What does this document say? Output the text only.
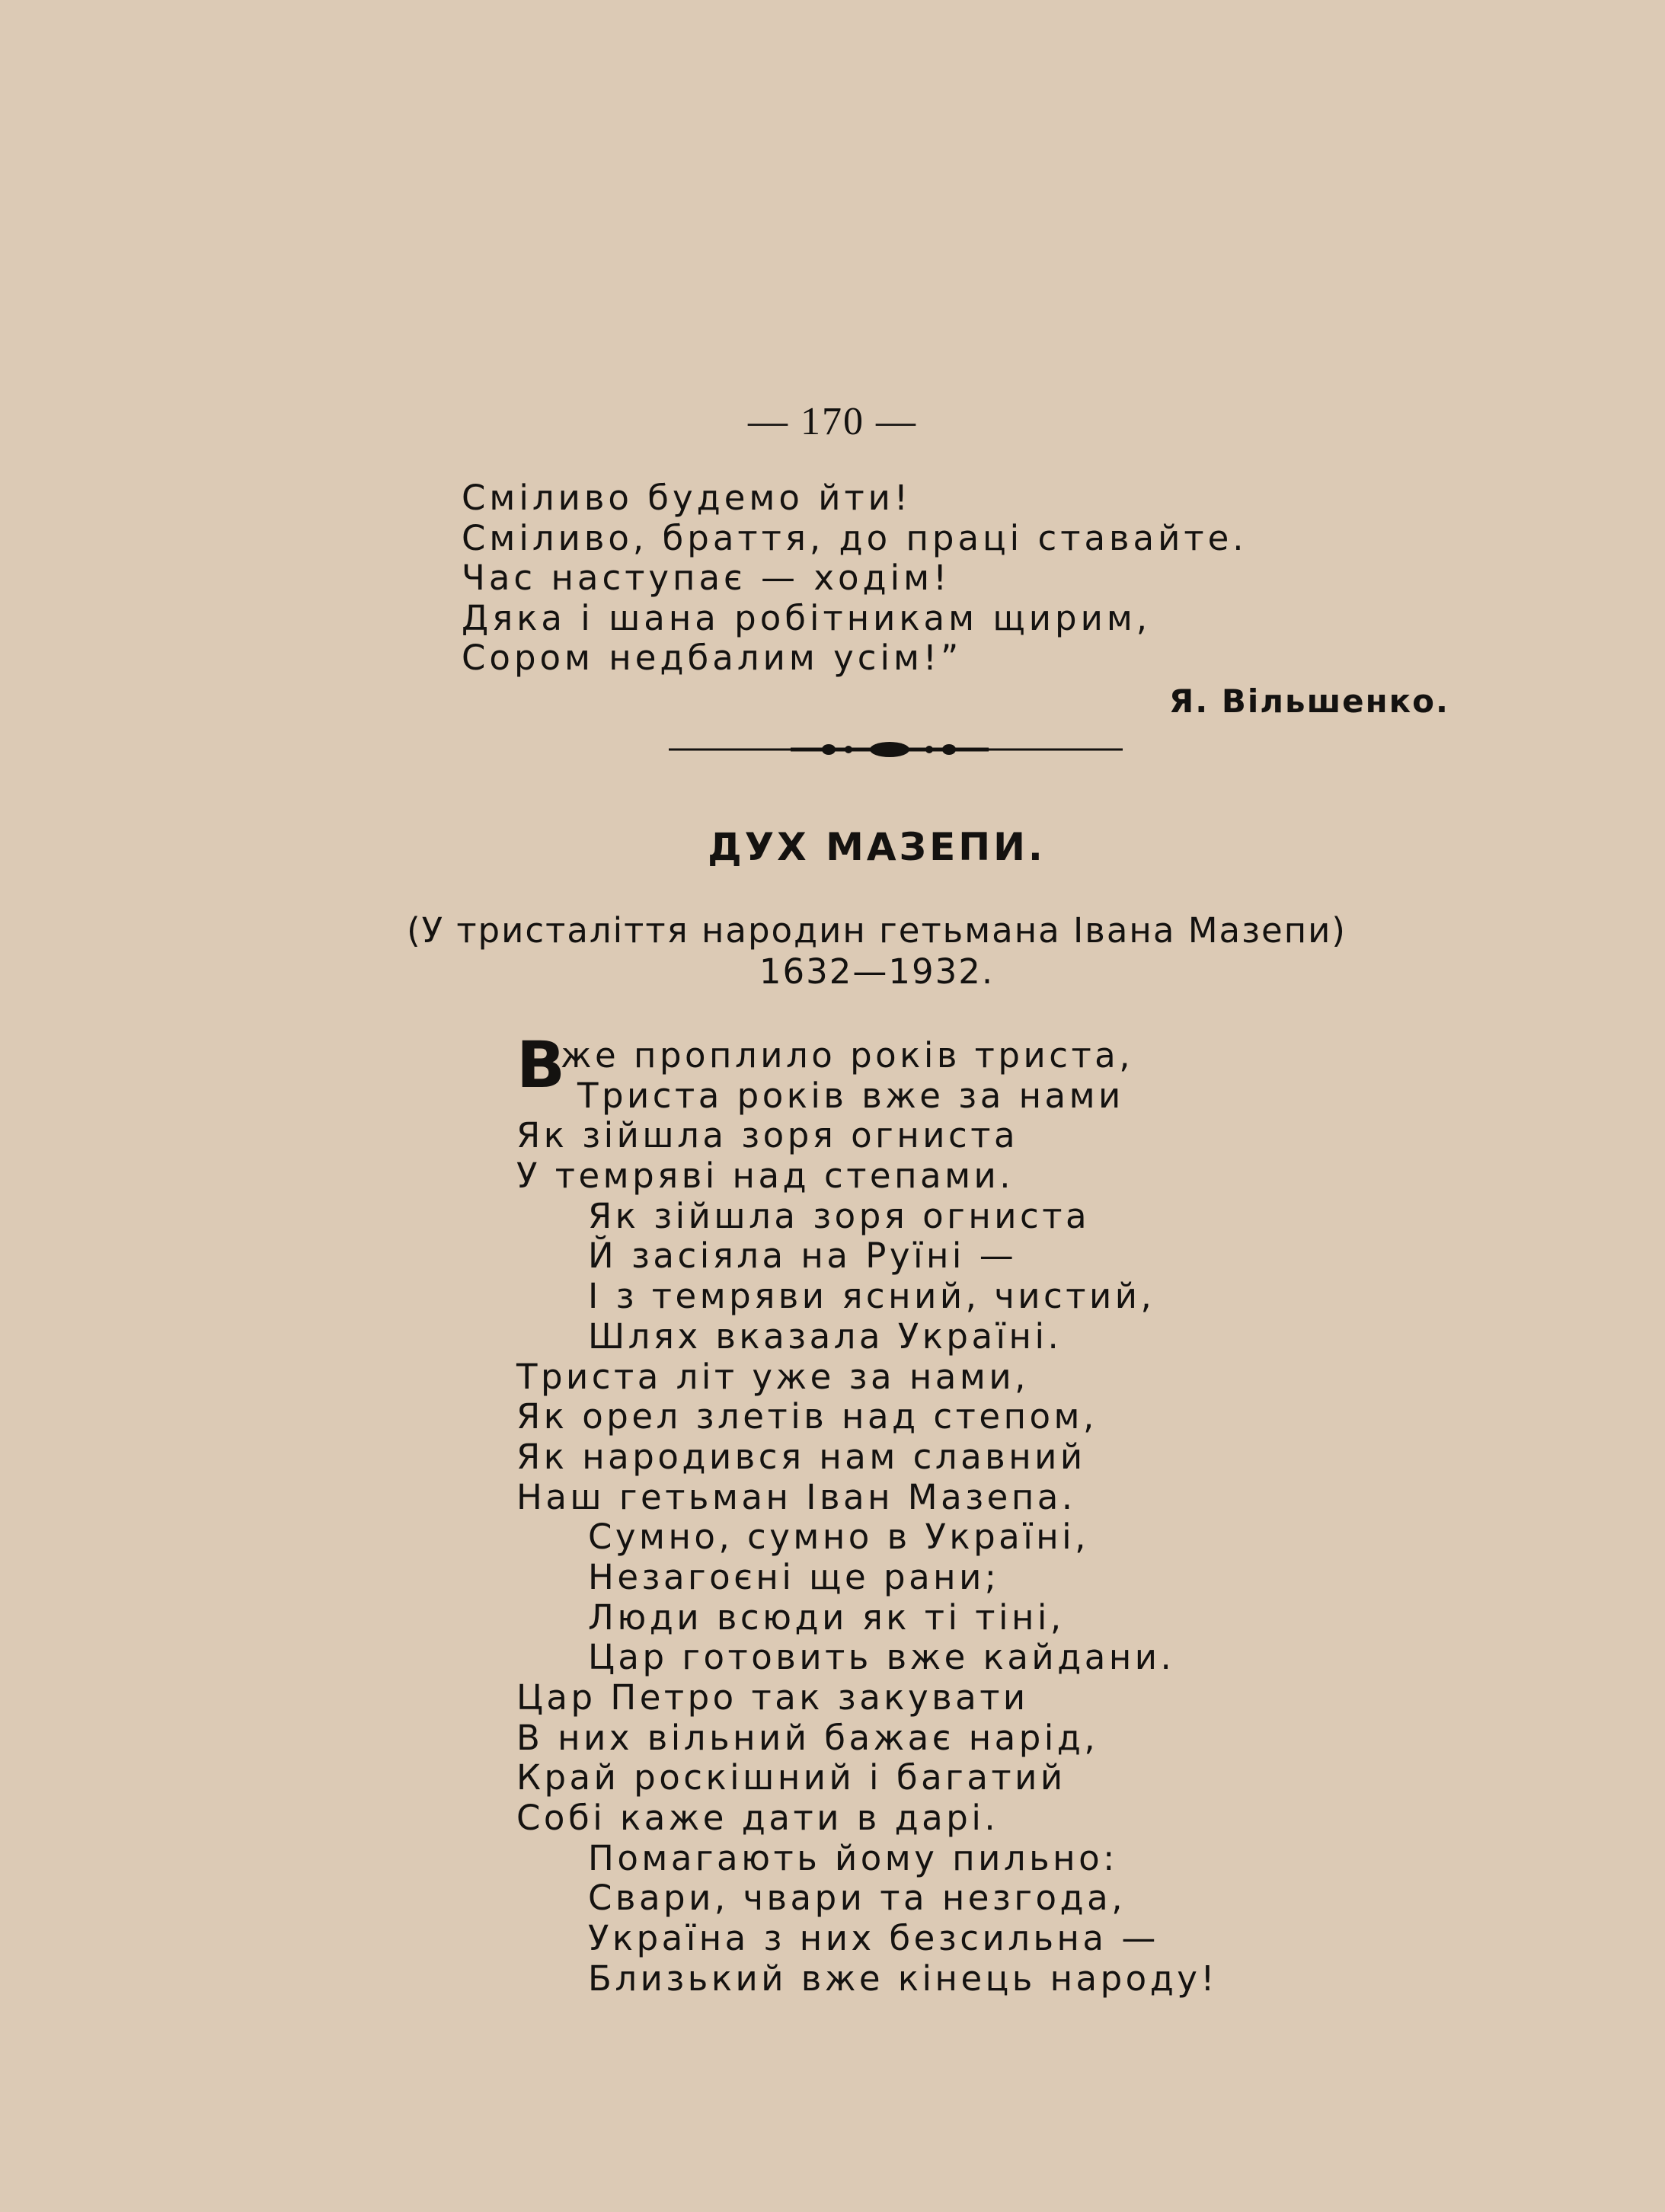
— 170 —
Сміливо будемо йти!
Сміливо, браття, до праці ставайте.
Час наступає — ходім!
Дяка і шана робітникам щирим,
Сором недбалим усім!”
Я. Вільшенко.
ДУХ МАЗЕПИ.
(У тристаліття народин гетьмана Івана Мазепи)
1632—1932.
В
же проплило років триста,
Триста років вже за нами
Як зійшла зоря огниста
У темряві над степами.
Як зійшла зоря огниста
Й засіяла на Руїні —
І з темряви ясний, чистий,
Шлях вказала Україні.
Триста літ уже за нами,
Як орел злетів над степом,
Як народився нам славний
Наш гетьман Іван Мазепа.
Сумно, сумно в Україні,
Незагоєні ще рани;
Люди всюди як ті тіні,
Цар готовить вже кайдани.
Цар Петро так закувати
В них вільний бажає нарід,
Край роскішний і багатий
Собі каже дати в дарі.
Помагають йому пильно:
Свари, чвари та незгода,
Україна з них безсильна —
Близький вже кінець народу!
